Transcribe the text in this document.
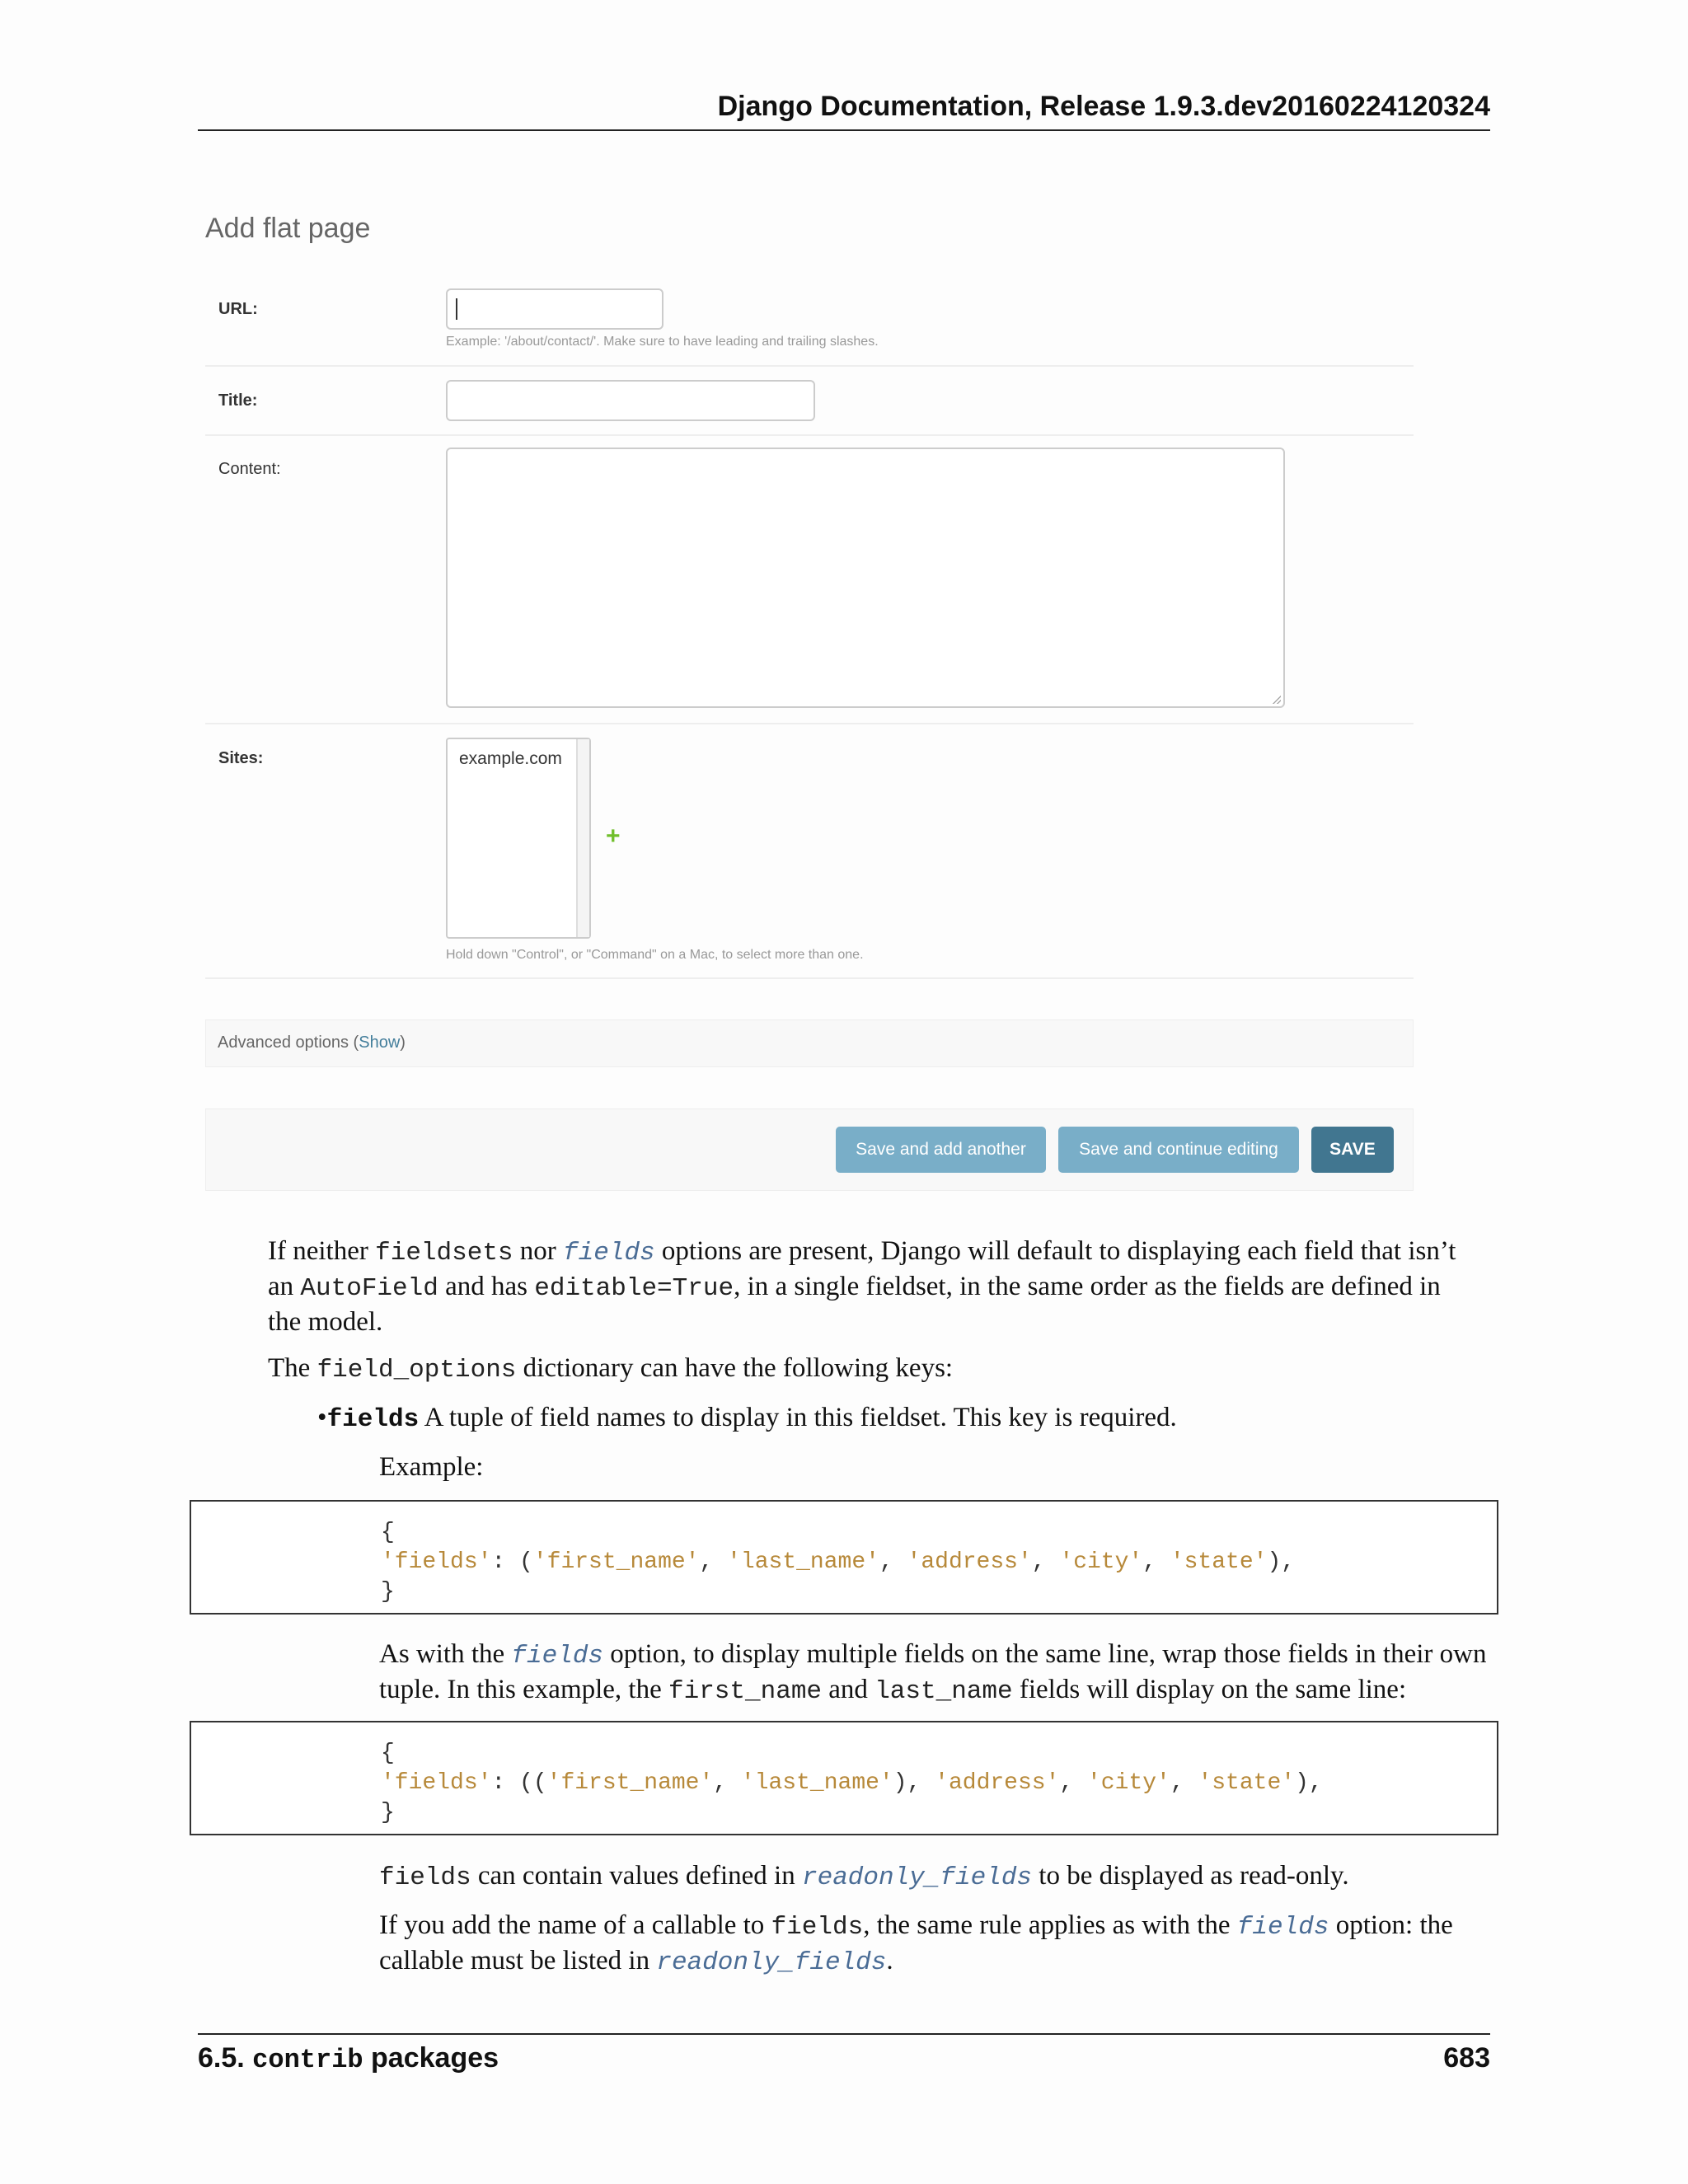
Django Documentation, Release 1.9.3.dev20160224120324
Add flat page
URL:
Example: '/about/contact/'. Make sure to have leading and trailing slashes.
Title:
Content:
Sites:	example.com
+
Hold down "Control", or "Command" on a Mac, to select more than one.
Advanced options (Show)
Save and add another	Save and continue editing	SAVE
If neither fieldsets nor fields options are present, Django will default to displaying each field that isn’t
an AutoField and has editable=True, in a single fieldset, in the same order as the fields are defined in
the model.
The field_options dictionary can have the following keys:
•fields A tuple of field names to display in this fieldset. This key is required.
Example:
{
'fields': ('first_name', 'last_name', 'address', 'city', 'state'),
}
As with the fields option, to display multiple fields on the same line, wrap those fields in their own
tuple. In this example, the first_name and last_name fields will display on the same line:
{
'fields': (('first_name', 'last_name'), 'address', 'city', 'state'),
}
fields can contain values defined in readonly_fields to be displayed as read-only.
If you add the name of a callable to fields, the same rule applies as with the fields option: the
callable must be listed in readonly_fields.
6.5. contrib packages	683
